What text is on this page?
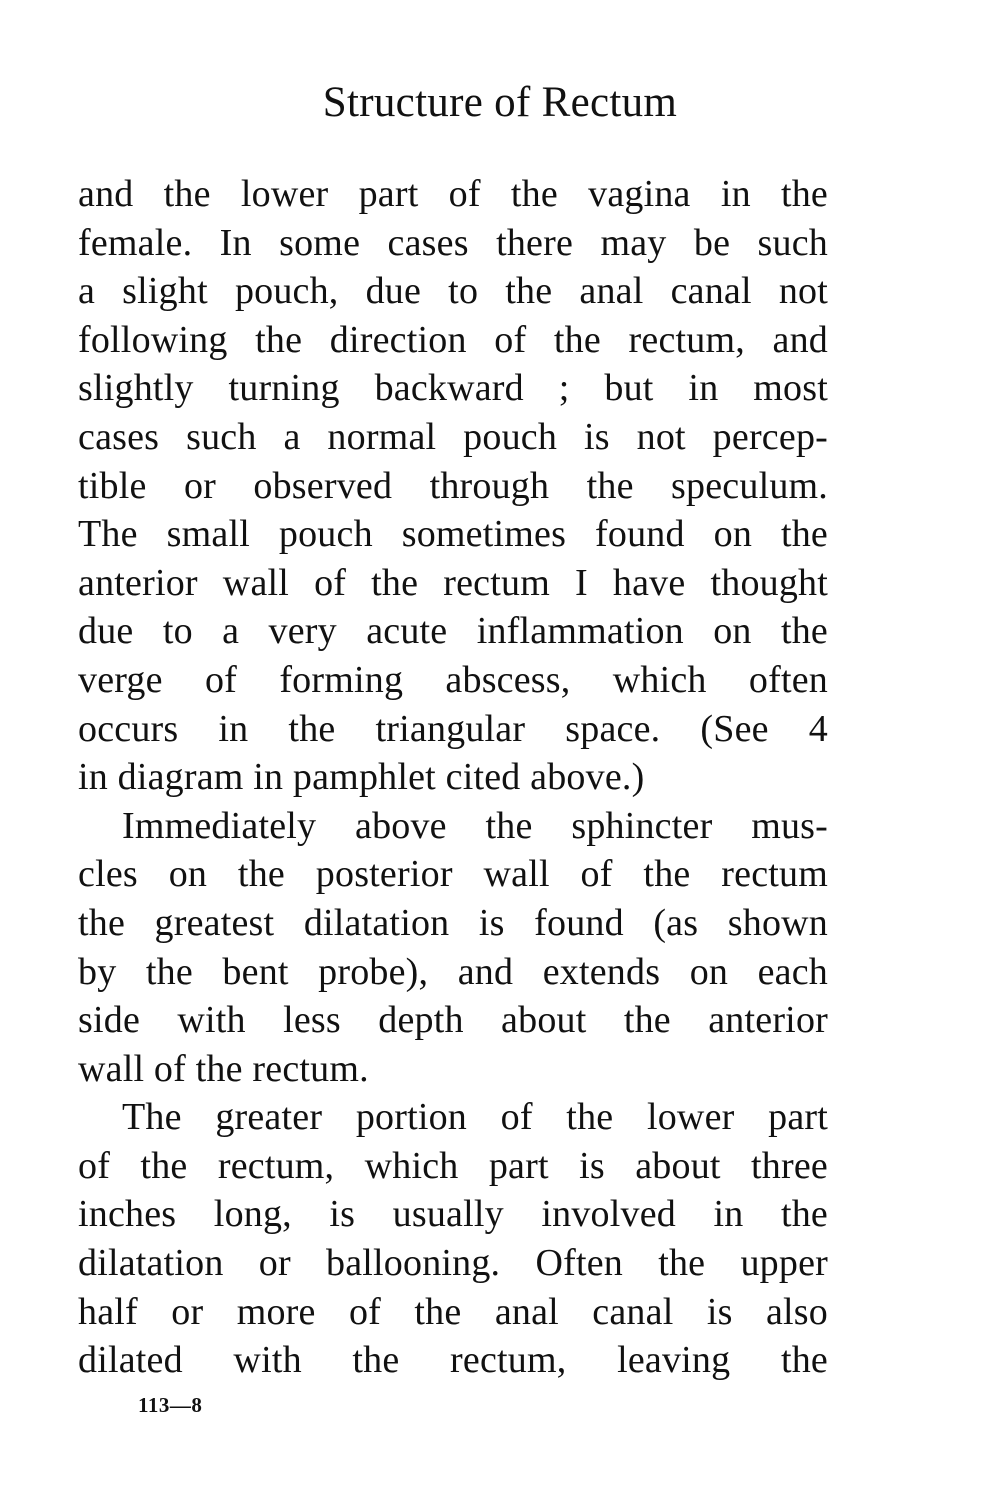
Structure of Rectum
and the lower part of the vagina in the
female. In some cases there may be such
a slight pouch, due to the anal canal not
following the direction of the rectum, and
slightly turning backward ; but in most
cases such a normal pouch is not percep-
tible or observed through the speculum.
The small pouch sometimes found on the
anterior wall of the rectum I have thought
due to a very acute inflammation on the
verge of forming abscess, which often
occurs in the triangular space. (See 4
in diagram in pamphlet cited above.)
Immediately above the sphincter mus-
cles on the posterior wall of the rectum
the greatest dilatation is found (as shown
by the bent probe), and extends on each
side with less depth about the anterior
wall of the rectum.
The greater portion of the lower part
of the rectum, which part is about three
inches long, is usually involved in the
dilatation or ballooning. Often the upper
half or more of the anal canal is also
dilated with the rectum, leaving the
113—8
